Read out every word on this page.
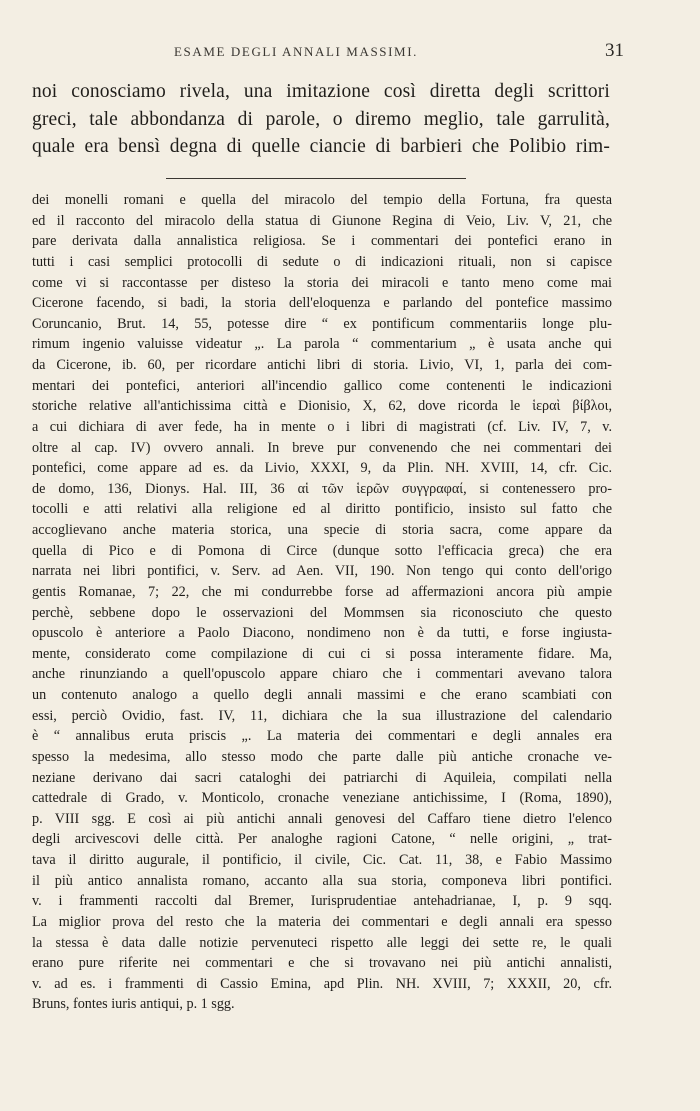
ESAME DEGLI ANNALI MASSIMI.	31
noi conosciamo rivela, una imitazione così diretta degli scrittori
greci, tale abbondanza di parole, o diremo meglio, tale garrulità,
quale era bensì degna di quelle ciancie di barbieri che Polibio rim-
dei monelli romani e quella del miracolo del tempio della Fortuna, fra questa
ed il racconto del miracolo della statua di Giunone Regina di Veio, Liv. V, 21, che
pare derivata dalla annalistica religiosa. Se i commentari dei pontefici erano in
tutti i casi semplici protocolli di sedute o di indicazioni rituali, non si capisce
come vi si raccontasse per disteso la storia dei miracoli e tanto meno come mai
Cicerone facendo, si badi, la storia dell'eloquenza e parlando del pontefice massimo
Coruncanio, Brut. 14, 55, potesse dire “ ex pontificum commentariis longe plu-
rimum ingenio valuisse videatur „. La parola “ commentarium „ è usata anche qui
da Cicerone, ib. 60, per ricordare antichi libri di storia. Livio, VI, 1, parla dei com-
mentari dei pontefici, anteriori all'incendio gallico come contenenti le indicazioni
storiche relative all'antichissima città e Dionisio, X, 62, dove ricorda le ἱεραὶ βίβλοι,
a cui dichiara di aver fede, ha in mente o i libri di magistrati (cf. Liv. IV, 7, v.
oltre al cap. IV) ovvero annali. In breve pur convenendo che nei commentari dei
pontefici, come appare ad es. da Livio, XXXI, 9, da Plin. NH. XVIII, 14, cfr. Cic.
de domo, 136, Dionys. Hal. III, 36 αἱ τῶν ἱερῶν συγγραφαί, si contenessero pro-
tocolli e atti relativi alla religione ed al diritto pontificio, insisto sul fatto che
accoglievano anche materia storica, una specie di storia sacra, come appare da
quella di Pico e di Pomona di Circe (dunque sotto l'efficacia greca) che era
narrata nei libri pontifici, v. Serv. ad Aen. VII, 190. Non tengo qui conto dell'origo
gentis Romanae, 7; 22, che mi condurrebbe forse ad affermazioni ancora più ampie
perchè, sebbene dopo le osservazioni del Mommsen sia riconosciuto che questo
opuscolo è anteriore a Paolo Diacono, nondimeno non è da tutti, e forse ingiusta-
mente, considerato come compilazione di cui ci si possa interamente fidare. Ma,
anche rinunziando a quell'opuscolo appare chiaro che i commentari avevano talora
un contenuto analogo a quello degli annali massimi e che erano scambiati con
essi, perciò Ovidio, fast. IV, 11, dichiara che la sua illustrazione del calendario
è “ annalibus eruta priscis „. La materia dei commentari e degli annales era
spesso la medesima, allo stesso modo che parte dalle più antiche cronache ve-
neziane derivano dai sacri cataloghi dei patriarchi di Aquileia, compilati nella
cattedrale di Grado, v. Monticolo, cronache veneziane antichissime, I (Roma, 1890),
p. VIII sgg. E così ai più antichi annali genovesi del Caffaro tiene dietro l'elenco
degli arcivescovi delle città. Per analoghe ragioni Catone, “ nelle origini, „ trat-
tava il diritto augurale, il pontificio, il civile, Cic. Cat. 11, 38, e Fabio Massimo
il più antico annalista romano, accanto alla sua storia, componeva libri pontifici.
v. i frammenti raccolti dal Bremer, Iurisprudentiae antehadrianae, I, p. 9 sqq.
La miglior prova del resto che la materia dei commentari e degli annali era spesso
la stessa è data dalle notizie pervenuteci rispetto alle leggi dei sette re, le quali
erano pure riferite nei commentari e che si trovavano nei più antichi annalisti,
v. ad es. i frammenti di Cassio Emina, apd Plin. NH. XVIII, 7; XXXII, 20, cfr.
Bruns, fontes iuris antiqui, p. 1 sgg.
